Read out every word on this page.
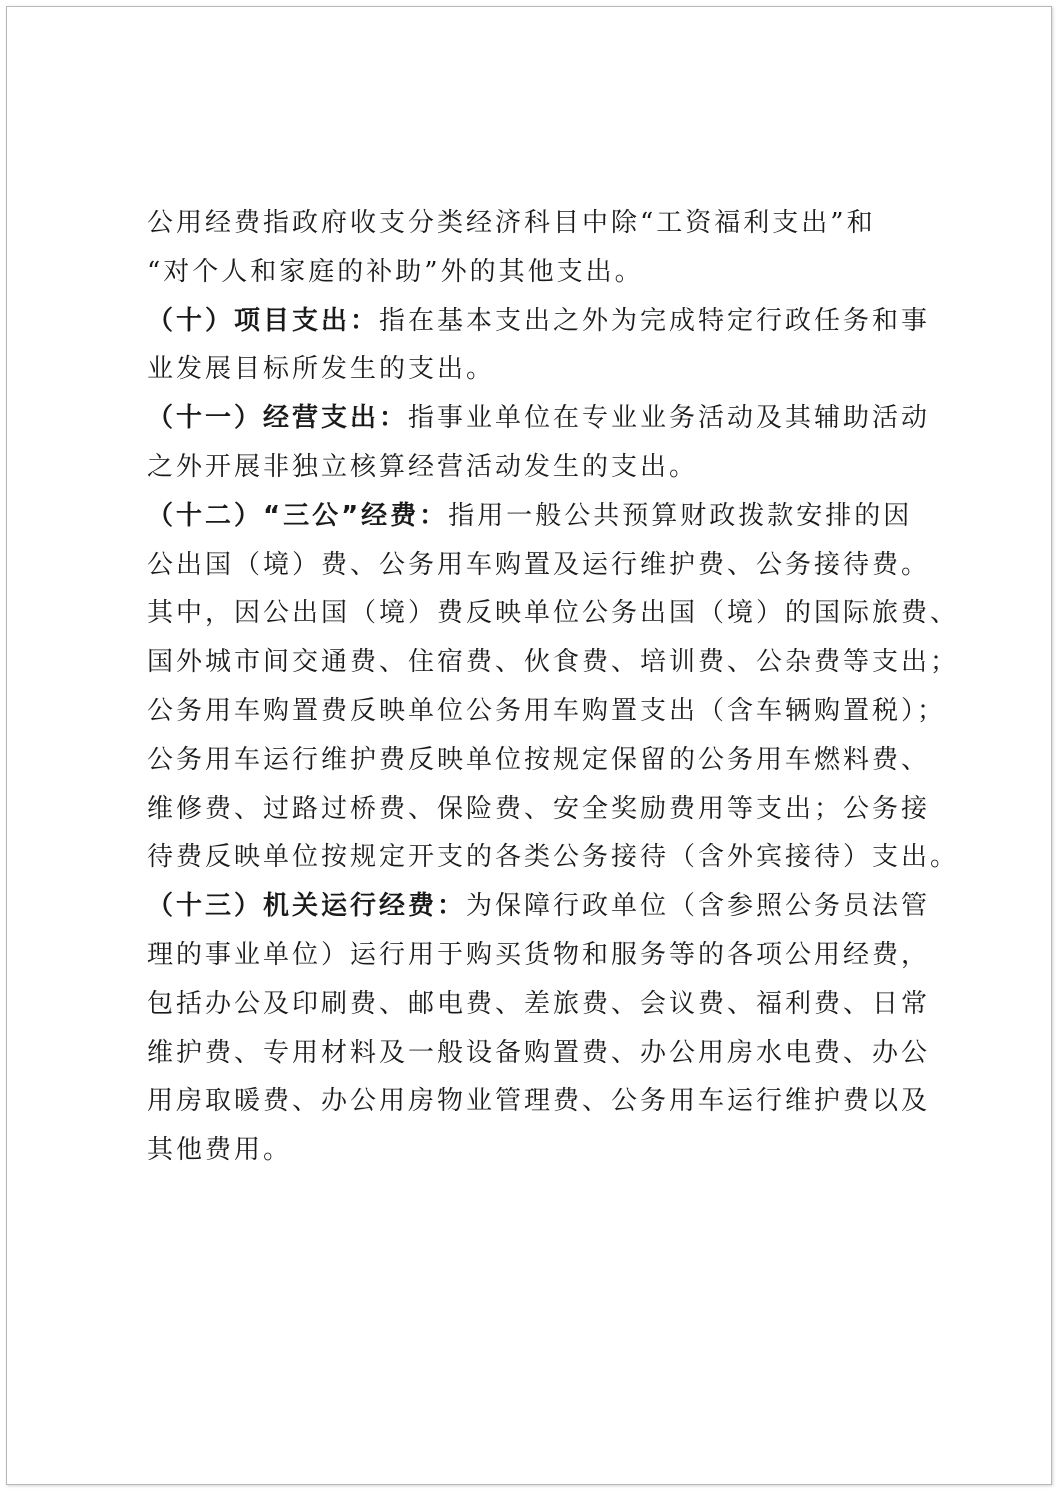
公用经费指政府收支分类经济科目中除“工资福利支出”和
“对个人和家庭的补助”外的其他支出。
（十）项目支出：指在基本支出之外为完成特定行政任务和事
业发展目标所发生的支出。
（十一）经营支出：指事业单位在专业业务活动及其辅助活动
之外开展非独立核算经营活动发生的支出。
（十二）“三公”经费：指用一般公共预算财政拨款安排的因
公出国（境）费、公务用车购置及运行维护费、公务接待费。
其中，因公出国（境）费反映单位公务出国（境）的国际旅费、
国外城市间交通费、住宿费、伙食费、培训费、公杂费等支出；
公务用车购置费反映单位公务用车购置支出（含车辆购置税）；
公务用车运行维护费反映单位按规定保留的公务用车燃料费、
维修费、过路过桥费、保险费、安全奖励费用等支出；公务接
待费反映单位按规定开支的各类公务接待（含外宾接待）支出。
（十三）机关运行经费：为保障行政单位（含参照公务员法管
理的事业单位）运行用于购买货物和服务等的各项公用经费，
包括办公及印刷费、邮电费、差旅费、会议费、福利费、日常
维护费、专用材料及一般设备购置费、办公用房水电费、办公
用房取暖费、办公用房物业管理费、公务用车运行维护费以及
其他费用。
